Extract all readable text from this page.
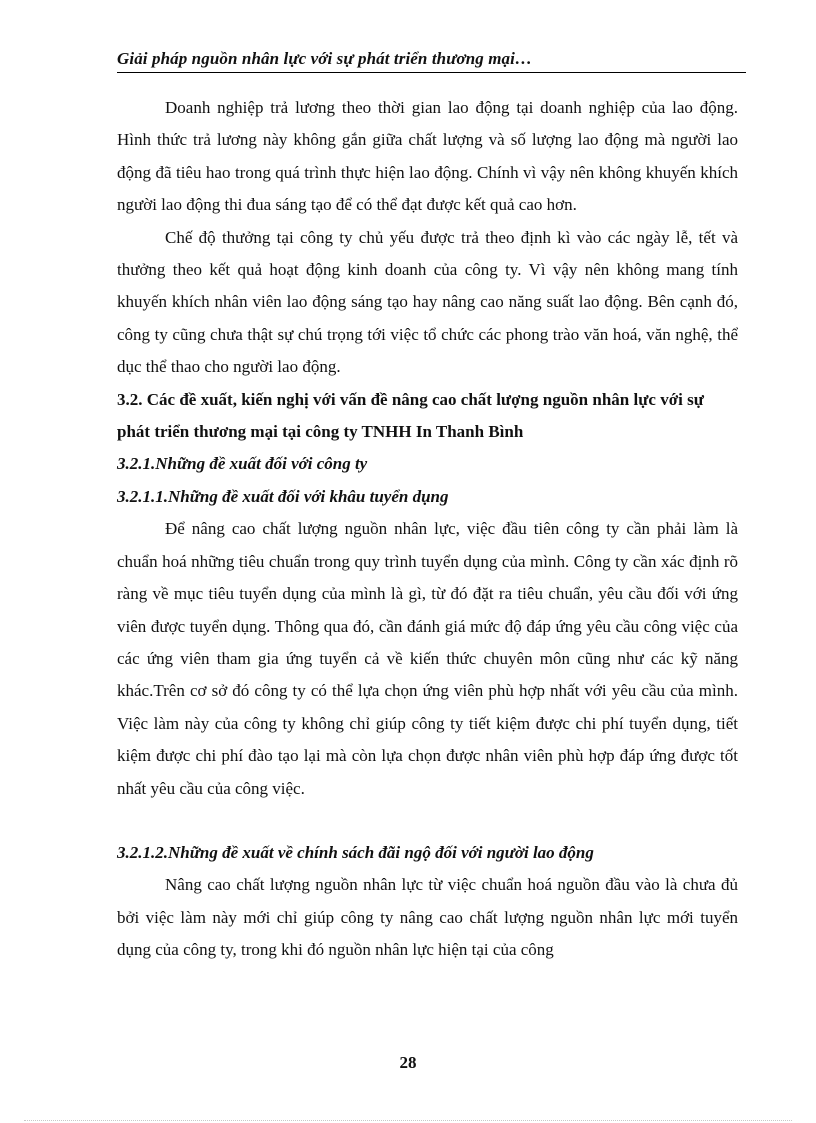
Giải pháp nguồn nhân lực với sự phát triển thương mại…

Doanh nghiệp trả lương theo thời gian lao động tại doanh nghiệp của lao động. Hình thức trả lương này không gắn giữa chất lượng và số lượng lao động mà người lao động đã tiêu hao trong quá trình thực hiện lao động. Chính vì vậy nên không khuyến khích người lao động thi đua sáng tạo để có thể đạt được kết quả cao hơn.

Chế độ thưởng tại công ty chủ yếu được trả theo định kì vào các ngày lễ, tết và thưởng theo kết quả hoạt động kinh doanh của công ty. Vì vậy nên không mang tính khuyến khích nhân viên lao động sáng tạo hay nâng cao năng suất lao động. Bên cạnh đó, công ty cũng chưa thật sự chú trọng tới việc tổ chức các phong trào văn hoá, văn nghệ, thể dục thể thao cho người lao động.

3.2. Các đề xuất, kiến nghị với vấn đề nâng cao chất lượng nguồn nhân lực với sự phát triển thương mại tại công ty TNHH In Thanh Bình

3.2.1.Những đề xuất đối với công ty

3.2.1.1.Những đề xuất đối với khâu tuyển dụng

Để nâng cao chất lượng nguồn nhân lực, việc đầu tiên công ty cần phải làm là chuẩn hoá những tiêu chuẩn trong quy trình tuyển dụng của mình. Công ty cần xác định rõ ràng về mục tiêu tuyển dụng của mình là gì, từ đó đặt ra tiêu chuẩn, yêu cầu đối với ứng viên được tuyển dụng. Thông qua đó, cần đánh giá mức độ đáp ứng yêu cầu công việc của các ứng viên tham gia ứng tuyển cả về kiến thức chuyên môn cũng như các kỹ năng khác.Trên cơ sở đó công ty có thể lựa chọn ứng viên phù hợp nhất với yêu cầu của mình. Việc làm này của công ty không chỉ giúp công ty tiết kiệm được chi phí tuyển dụng, tiết kiệm được chi phí đào tạo lại mà còn lựa chọn được nhân viên phù hợp đáp ứng được tốt nhất yêu cầu của công việc.

3.2.1.2.Những đề xuất về chính sách đãi ngộ đối với người lao động

Nâng cao chất lượng nguồn nhân lực từ việc chuẩn hoá nguồn đầu vào là chưa đủ bởi việc làm này mới chỉ giúp công ty nâng cao chất lượng nguồn nhân lực mới tuyển dụng của công ty, trong khi đó nguồn nhân lực hiện tại của công

28
